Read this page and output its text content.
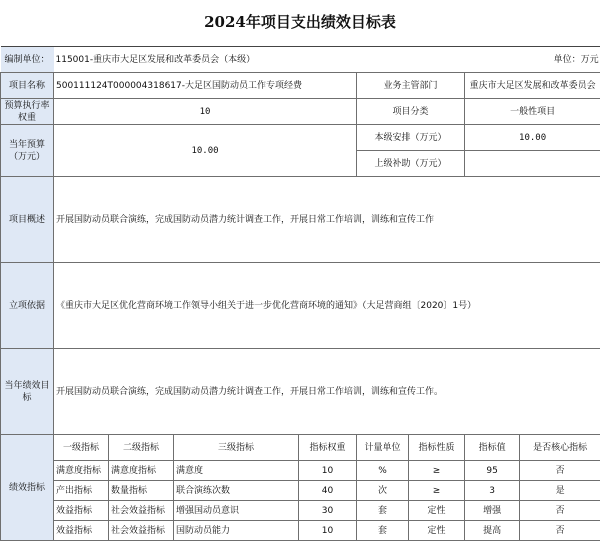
2024年项目支出绩效目标表
编制单位：	115001-重庆市大足区发展和改革委员会（本级）						单位：万元	
项目名称	500111124T000004318617-大足区国防动员工作专项经费				业务主管部门		重庆市大足区发展和改革委员会	
预算执行率权重	10				项目分类		一般性项目	
当年预算（万元）	10.00				本级安排（万元）		10.00	
					上级补助（万元）			
项目概述	开展国防动员联合演练，完成国防动员潜力统计调查工作，开展日常工作培训，训练和宣传工作							
立项依据	《重庆市大足区优化营商环境工作领导小组关于进一步优化营商环境的通知》（大足营商组〔2020〕1号）							
当年绩效目标	开展国防动员联合演练，完成国防动员潜力统计调查工作，开展日常工作培训，训练和宣传工作。							
绩效指标	一级指标	二级指标	三级指标	指标权重	计量单位	指标性质	指标值	是否核心指标
	满意度指标	满意度指标	满意度	10	%	≥	95	否
	产出指标	数量指标	联合演练次数	40	次	≥	3	是
	效益指标	社会效益指标	增强国动员意识	30	套	定性	增强	否
	效益指标	社会效益指标	国防动员能力	10	套	定性	提高	否
